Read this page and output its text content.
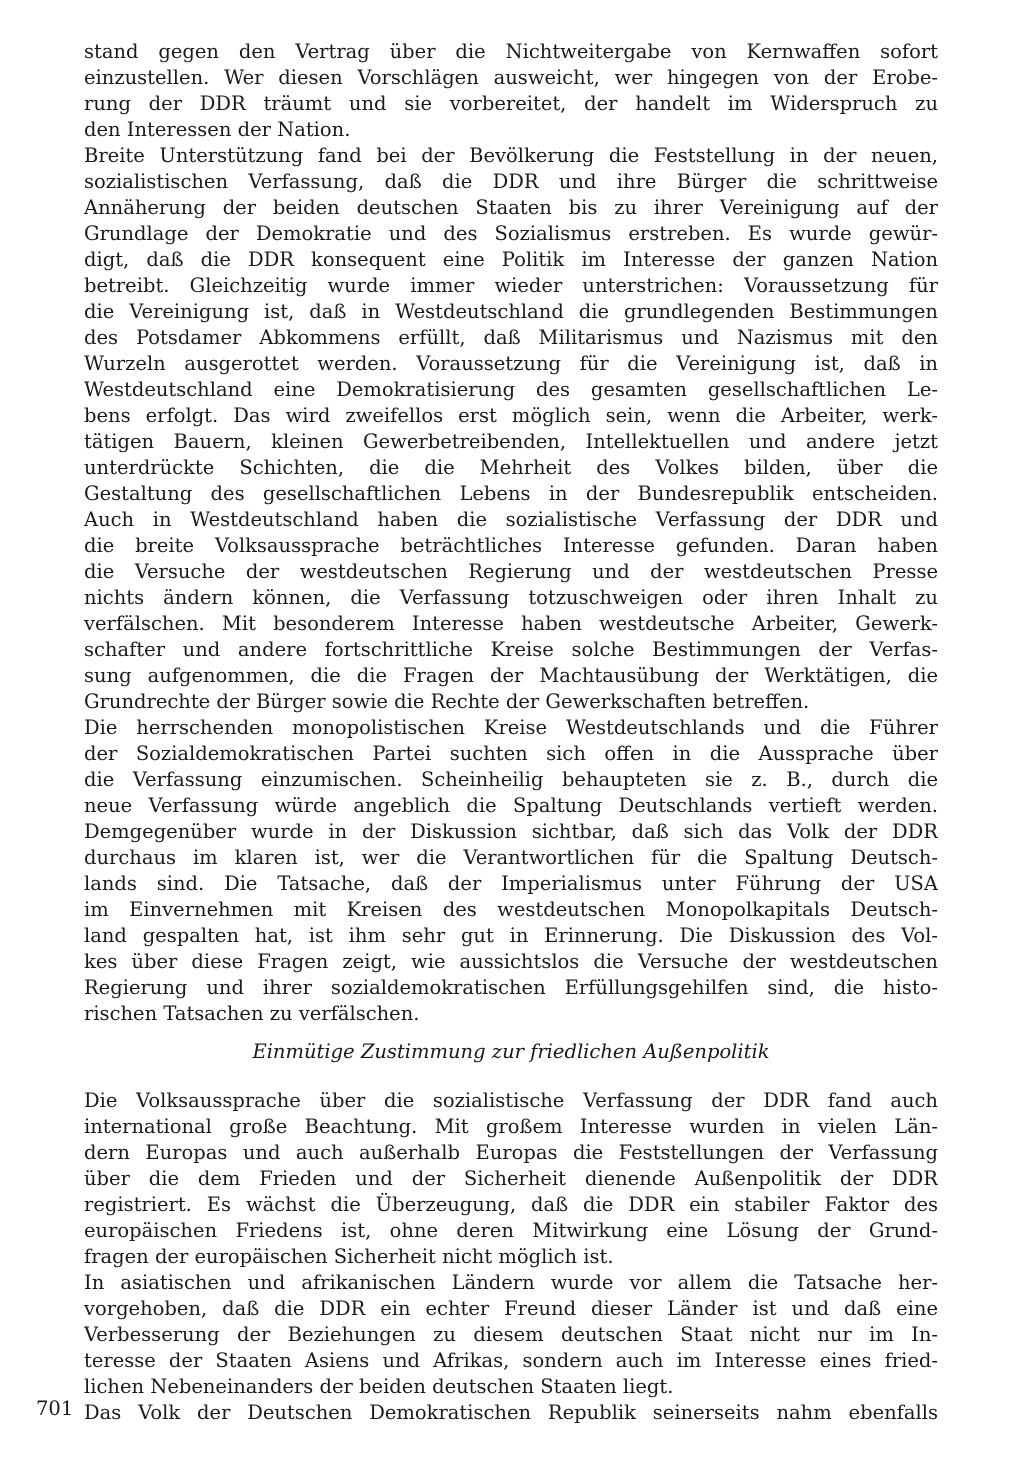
stand gegen den Vertrag über die Nichtweitergabe von Kernwaffen sofort
einzustellen. Wer diesen Vorschlägen ausweicht, wer hingegen von der Erobe-
rung der DDR träumt und sie vorbereitet, der handelt im Widerspruch zu
den Interessen der Nation.
Breite Unterstützung fand bei der Bevölkerung die Feststellung in der neuen,
sozialistischen Verfassung, daß die DDR und ihre Bürger die schrittweise
Annäherung der beiden deutschen Staaten bis zu ihrer Vereinigung auf der
Grundlage der Demokratie und des Sozialismus erstreben. Es wurde gewür-
digt, daß die DDR konsequent eine Politik im Interesse der ganzen Nation
betreibt. Gleichzeitig wurde immer wieder unterstrichen: Voraussetzung für
die Vereinigung ist, daß in Westdeutschland die grundlegenden Bestimmungen
des Potsdamer Abkommens erfüllt, daß Militarismus und Nazismus mit den
Wurzeln ausgerottet werden. Voraussetzung für die Vereinigung ist, daß in
Westdeutschland eine Demokratisierung des gesamten gesellschaftlichen Le-
bens erfolgt. Das wird zweifellos erst möglich sein, wenn die Arbeiter, werk-
tätigen Bauern, kleinen Gewerbetreibenden, Intellektuellen und andere jetzt
unterdrückte Schichten, die die Mehrheit des Volkes bilden, über die
Gestaltung des gesellschaftlichen Lebens in der Bundesrepublik entscheiden.
Auch in Westdeutschland haben die sozialistische Verfassung der DDR und
die breite Volksaussprache beträchtliches Interesse gefunden. Daran haben
die Versuche der westdeutschen Regierung und der westdeutschen Presse
nichts ändern können, die Verfassung totzuschweigen oder ihren Inhalt zu
verfälschen. Mit besonderem Interesse haben westdeutsche Arbeiter, Gewerk-
schafter und andere fortschrittliche Kreise solche Bestimmungen der Verfas-
sung aufgenommen, die die Fragen der Machtausübung der Werktätigen, die
Grundrechte der Bürger sowie die Rechte der Gewerkschaften betreffen.
Die herrschenden monopolistischen Kreise Westdeutschlands und die Führer
der Sozialdemokratischen Partei suchten sich offen in die Aussprache über
die Verfassung einzumischen. Scheinheilig behaupteten sie z. B., durch die
neue Verfassung würde angeblich die Spaltung Deutschlands vertieft werden.
Demgegenüber wurde in der Diskussion sichtbar, daß sich das Volk der DDR
durchaus im klaren ist, wer die Verantwortlichen für die Spaltung Deutsch-
lands sind. Die Tatsache, daß der Imperialismus unter Führung der USA
im Einvernehmen mit Kreisen des westdeutschen Monopolkapitals Deutsch-
land gespalten hat, ist ihm sehr gut in Erinnerung. Die Diskussion des Vol-
kes über diese Fragen zeigt, wie aussichtslos die Versuche der westdeutschen
Regierung und ihrer sozialdemokratischen Erfüllungsgehilfen sind, die histo-
rischen Tatsachen zu verfälschen.
Einmütige Zustimmung zur friedlichen Außenpolitik
Die Volksaussprache über die sozialistische Verfassung der DDR fand auch
international große Beachtung. Mit großem Interesse wurden in vielen Län-
dern Europas und auch außerhalb Europas die Feststellungen der Verfassung
über die dem Frieden und der Sicherheit dienende Außenpolitik der DDR
registriert. Es wächst die Überzeugung, daß die DDR ein stabiler Faktor des
europäischen Friedens ist, ohne deren Mitwirkung eine Lösung der Grund-
fragen der europäischen Sicherheit nicht möglich ist.
In asiatischen und afrikanischen Ländern wurde vor allem die Tatsache her-
vorgehoben, daß die DDR ein echter Freund dieser Länder ist und daß eine
Verbesserung der Beziehungen zu diesem deutschen Staat nicht nur im In-
teresse der Staaten Asiens und Afrikas, sondern auch im Interesse eines fried-
lichen Nebeneinanders der beiden deutschen Staaten liegt.
Das Volk der Deutschen Demokratischen Republik seinerseits nahm ebenfalls
701
